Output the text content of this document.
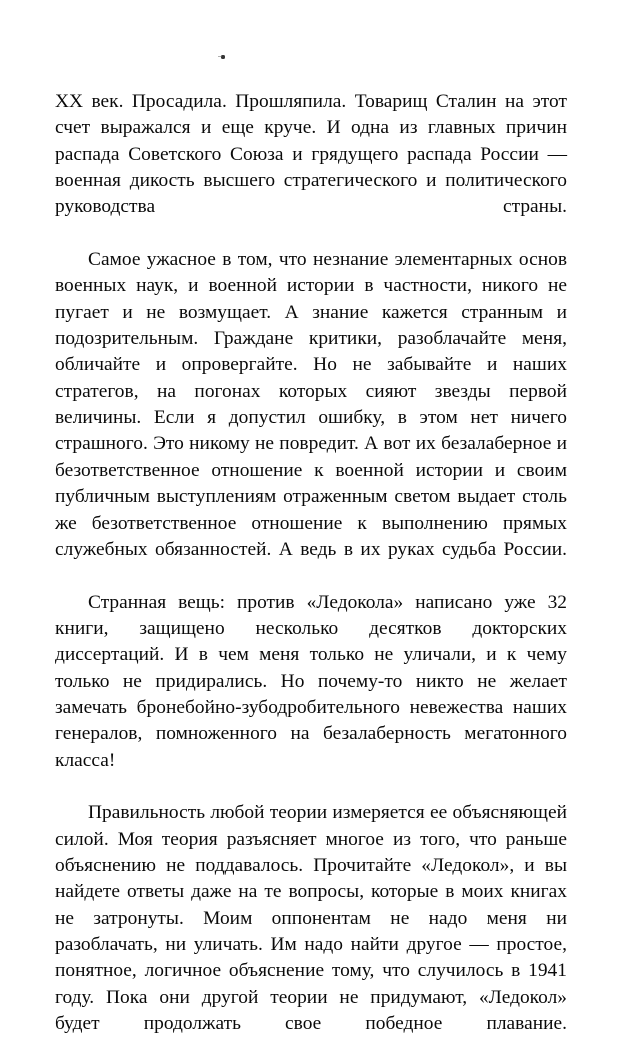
XX век. Просадила. Прошляпила. Товарищ Сталин на этот счет выражался и еще круче. И одна из главных причин распада Советского Союза и грядущего распада России — военная дикость высшего стратегического и политического руководства страны.

Самое ужасное в том, что незнание элементарных основ военных наук, и военной истории в частности, никого не пугает и не возмущает. А знание кажется странным и подозрительным. Граждане критики, разоблачайте меня, обличайте и опровергайте. Но не забывайте и наших стратегов, на погонах которых сияют звезды первой величины. Если я допустил ошибку, в этом нет ничего страшного. Это никому не повредит. А вот их безалаберное и безответственное отношение к военной истории и своим публичным выступлениям отраженным светом выдает столь же безответственное отношение к выполнению прямых служебных обязанностей. А ведь в их руках судьба России.

Странная вещь: против «Ледокола» написано уже 32 книги, защищено несколько десятков докторских диссертаций. И в чем меня только не уличали, и к чему только не придирались. Но почему-то никто не желает замечать бронебойно-зубодробительного невежества наших генералов, помноженного на безалаберность мегатонного класса!

Правильность любой теории измеряется ее объясняющей силой. Моя теория разъясняет многое из того, что раньше объяснению не поддавалось. Прочитайте «Ледокол», и вы найдете ответы даже на те вопросы, которые в моих книгах не затронуты. Моим оппонентам не надо меня ни разоблачать, ни уличать. Им надо найти другое — простое, понятное, логичное объяснение тому, что случилось в 1941 году. Пока они другой теории не придумают, «Ледокол» будет продолжать свое победное плавание.
